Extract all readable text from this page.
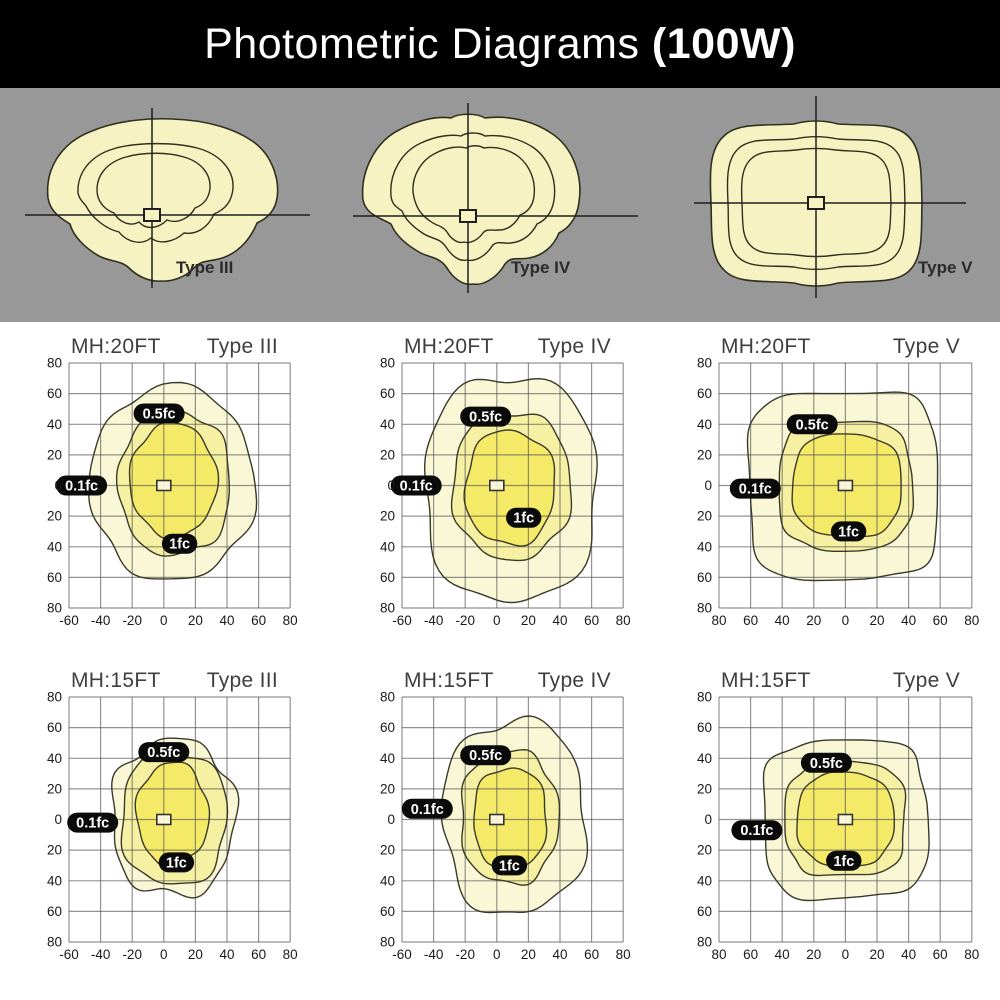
Photometric Diagrams (100W)
Type III	Type IV	Type V
MH:20FT Type III
0.1fc
0.5fc
1fc
80
60
40
20
0
20
40
60
80
-60 -40 -20 0 20 40 60 80
MH:20FT Type IV
0.1fc
0.5fc
1fc
80
60
40
20
0
20
40
60
80
-60 -40 -20 0 20 40 60 80
MH:20FT	Type V
0.1fc
0.5fc
1fc
80
60
40
20
0
20
40
60
80
80 60 40 20 0 20 40 60 80
MH:15FT Type III
0.1fc
0.5fc
1fc
80
60
40
20
0
20
40
60
80
-60 -40 -20 0 20 40 60 80
MH:15FT Type IV
0.1fc
0.5fc
1fc
80
60
40
20
0
20
40
60
80
-60 -40 -20 0 20 40 60 80
MH:15FT	Type V
0.1fc
0.5fc
1fc
80
60
40
20
0
20
40
60
80
80 60 40 20 0 20 40 60 80
